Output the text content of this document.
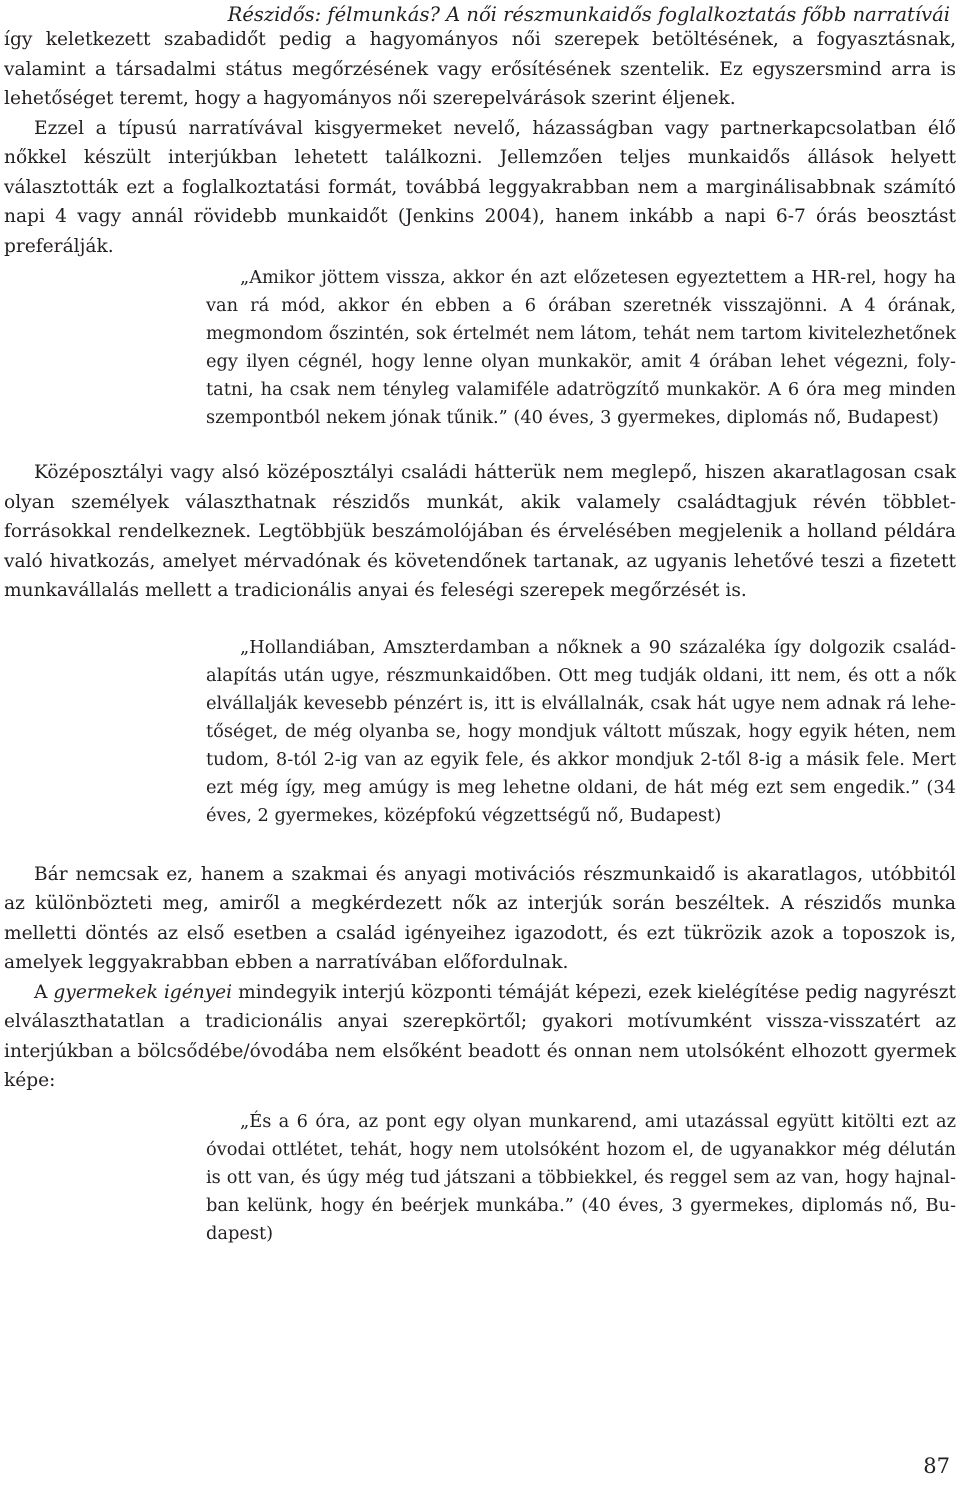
Részidős: félmunkás? A női részmunkaidős foglalkoztatás főbb narratívái

így keletkezett szabadidőt pedig a hagyományos női szerepek betöltésének, a fogyasztásnak, valamint a társadalmi státus megőrzésének vagy erősítésének szentelik. Ez egyszersmind arra is lehetőséget teremt, hogy a hagyományos női szerepelvárások szerint éljenek.

Ezzel a típusú narratívával kisgyermeket nevelő, házasságban vagy partnerkapcsolatban élő nőkkel készült interjúkban lehetett találkozni. Jellemzően teljes munkaidős állások helyett választották ezt a foglalkoztatási formát, továbbá leggyakrabban nem a marginálisabbnak számító napi 4 vagy annál rövidebb munkaidőt (Jenkins 2004), hanem inkább a napi 6-7 órás beosztást preferálják.

„Amikor jöttem vissza, akkor én azt előzetesen egyeztettem a HR-rel, hogy ha van rá mód, akkor én ebben a 6 órában szeretnék visszajönni. A 4 órának, megmondom őszintén, sok értelmét nem látom, tehát nem tartom kivitelezhetőnek egy ilyen cégnél, hogy lenne olyan munkakör, amit 4 órában lehet végezni, folytatni, ha csak nem tényleg valamiféle adatrögzítő munkakör. A 6 óra meg minden szempontból nekem jónak tűnik.” (40 éves, 3 gyermekes, diplomás nő, Budapest)

Középosztályi vagy alsó középosztályi családi hátterük nem meglepő, hiszen akaratlagosan csak olyan személyek választhatnak részidős munkát, akik valamely családtagjuk révén többletforrásokkal rendelkeznek. Legtöbbjük beszámolójában és érvelésében megjelenik a holland példára való hivatkozás, amelyet mérvadónak és követendőnek tartanak, az ugyanis lehetővé teszi a fizetett munkavállalás mellett a tradicionális anyai és feleségi szerepek megőrzését is.

„Hollandiában, Amszterdamban a nőknek a 90 százaléka így dolgozik családalapítás után ugye, részmunkaidőben. Ott meg tudják oldani, itt nem, és ott a nők elvállalják kevesebb pénzért is, itt is elvállalnák, csak hát ugye nem adnak rá lehetőséget, de még olyanba se, hogy mondjuk váltott műszak, hogy egyik héten, nem tudom, 8-tól 2-ig van az egyik fele, és akkor mondjuk 2-től 8-ig a másik fele. Mert ezt még így, meg amúgy is meg lehetne oldani, de hát még ezt sem engedik.” (34 éves, 2 gyermekes, középfokú végzettségű nő, Budapest)

Bár nemcsak ez, hanem a szakmai és anyagi motivációs részmunkaidő is akaratlagos, utóbbitól az különbözteti meg, amiről a megkérdezett nők az interjúk során beszéltek. A részidős munka melletti döntés az első esetben a család igényeihez igazodott, és ezt tükrözik azok a toposzok is, amelyek leggyakrabban ebben a narratívában előfordulnak.

A gyermekek igényei mindegyik interjú központi témáját képezi, ezek kielégítése pedig nagyrészt elválaszthatatlan a tradicionális anyai szerepkörtől; gyakori motívumként vissza-visszatért az interjúkban a bölcsődébe/óvodába nem elsőként beadott és onnan nem utolsóként elhozott gyermek képe:

„És a 6 óra, az pont egy olyan munkarend, ami utazással együtt kitölti ezt az óvodai ottlétet, tehát, hogy nem utolsóként hozom el, de ugyanakkor még délután is ott van, és úgy még tud játszani a többiekkel, és reggel sem az van, hogy hajnalban kelünk, hogy én beérjek munkába.” (40 éves, 3 gyermekes, diplomás nő, Budapest)

87
